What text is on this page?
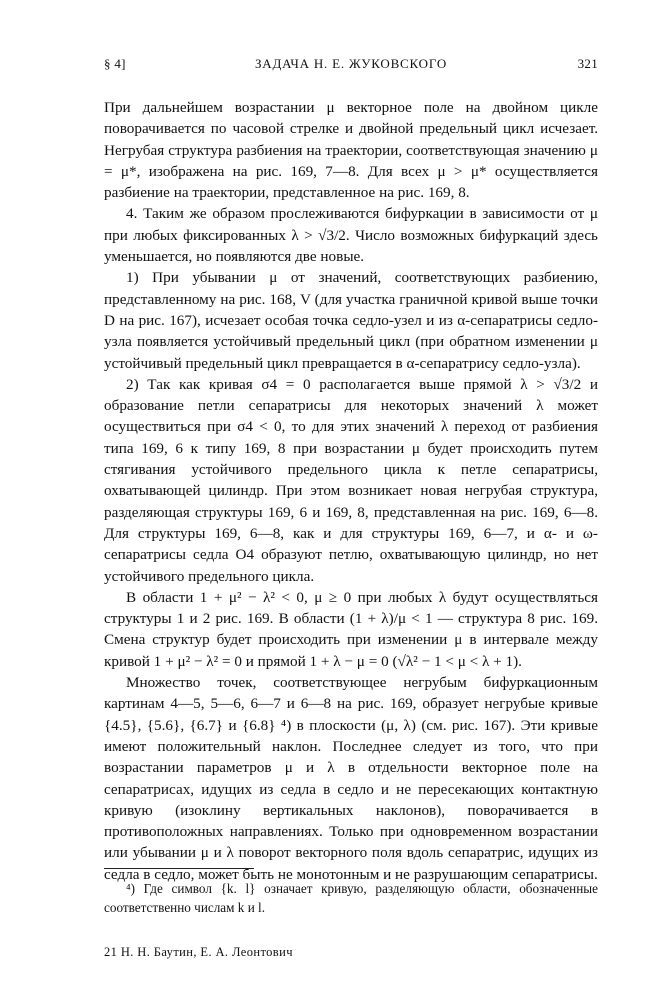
§ 4]	ЗАДАЧА Н. Е. ЖУКОВСКОГО	321

При дальнейшем возрастании μ векторное поле на двойном цикле поворачивается по часовой стрелке и двойной предельный цикл исчезает. Негрубая структура разбиения на траектории, соответствующая значению μ = μ*, изображена на рис. 169, 7—8. Для всех μ > μ* осуществляется разбиение на траектории, представленное на рис. 169, 8.

4. Таким же образом прослеживаются бифуркации в зависимости от μ при любых фиксированных λ > √3/2. Число возможных бифуркаций здесь уменьшается, но появляются две новые.

1) При убывании μ от значений, соответствующих разбиению, представленному на рис. 168, V (для участка граничной кривой выше точки D на рис. 167), исчезает особая точка седло-узел и из α-сепаратрисы седло-узла появляется устойчивый предельный цикл (при обратном изменении μ устойчивый предельный цикл превращается в α-сепаратрису седло-узла).

2) Так как кривая σ4 = 0 располагается выше прямой λ > √3/2 и образование петли сепаратрисы для некоторых значений λ может осуществиться при σ4 < 0, то для этих значений λ переход от разбиения типа 169, 6 к типу 169, 8 при возрастании μ будет происходить путем стягивания устойчивого предельного цикла к петле сепаратрисы, охватывающей цилиндр. При этом возникает новая негрубая структура, разделяющая структуры 169, 6 и 169, 8, представленная на рис. 169, 6—8. Для структуры 169, 6—8, как и для структуры 169, 6—7, и α- и ω-сепаратрисы седла O4 образуют петлю, охватывающую цилиндр, но нет устойчивого предельного цикла.

В области 1 + μ² − λ² < 0, μ ≥ 0 при любых λ будут осуществляться структуры 1 и 2 рис. 169. В области (1 + λ)/μ < 1 — структура 8 рис. 169. Смена структур будет происходить при изменении μ в интервале между кривой 1 + μ² − λ² = 0 и прямой 1 + λ − μ = 0 (√λ² − 1 < μ < λ + 1).

Множество точек, соответствующее негрубым бифуркационным картинам 4—5, 5—6, 6—7 и 6—8 на рис. 169, образует негрубые кривые {4.5}, {5.6}, {6.7} и {6.8} ⁴) в плоскости (μ, λ) (см. рис. 167). Эти кривые имеют положительный наклон. Последнее следует из того, что при возрастании параметров μ и λ в отдельности векторное поле на сепаратрисах, идущих из седла в седло и не пересекающих контактную кривую (изоклину вертикальных наклонов), поворачивается в противоположных направлениях. Только при одновременном возрастании или убывании μ и λ поворот векторного поля вдоль сепаратрис, идущих из седла в седло, может быть не монотонным и не разрушающим сепаратрисы.

⁴) Где символ {k. l} означает кривую, разделяющую области, обозначенные соответственно числам k и l.
21 Н. Н. Баутин, Е. А. Леонтович
